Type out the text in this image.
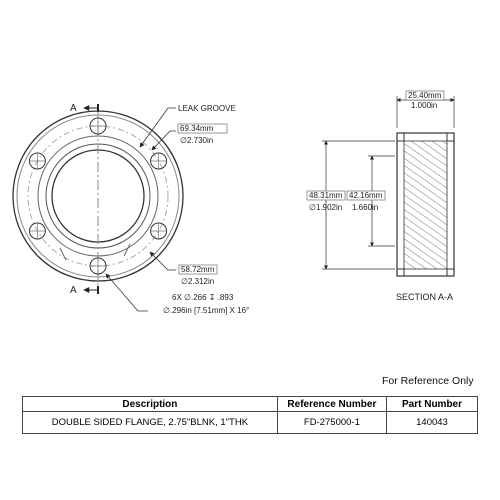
A
A
LEAK GROOVE
69.34mm
∅2.730in
58.72mm
∅2.312in
6X ∅.266 ↧ .893
∅.296in [7.51mm] X 16°
25.40mm
1.000in
48.31mm
∅1.902in
42.16mm
1.660in
SECTION A-A
For Reference Only
Description	Reference Number	Part Number
DOUBLE SIDED FLANGE, 2.75"BLNK, 1"THK	FD-275000-1	140043
